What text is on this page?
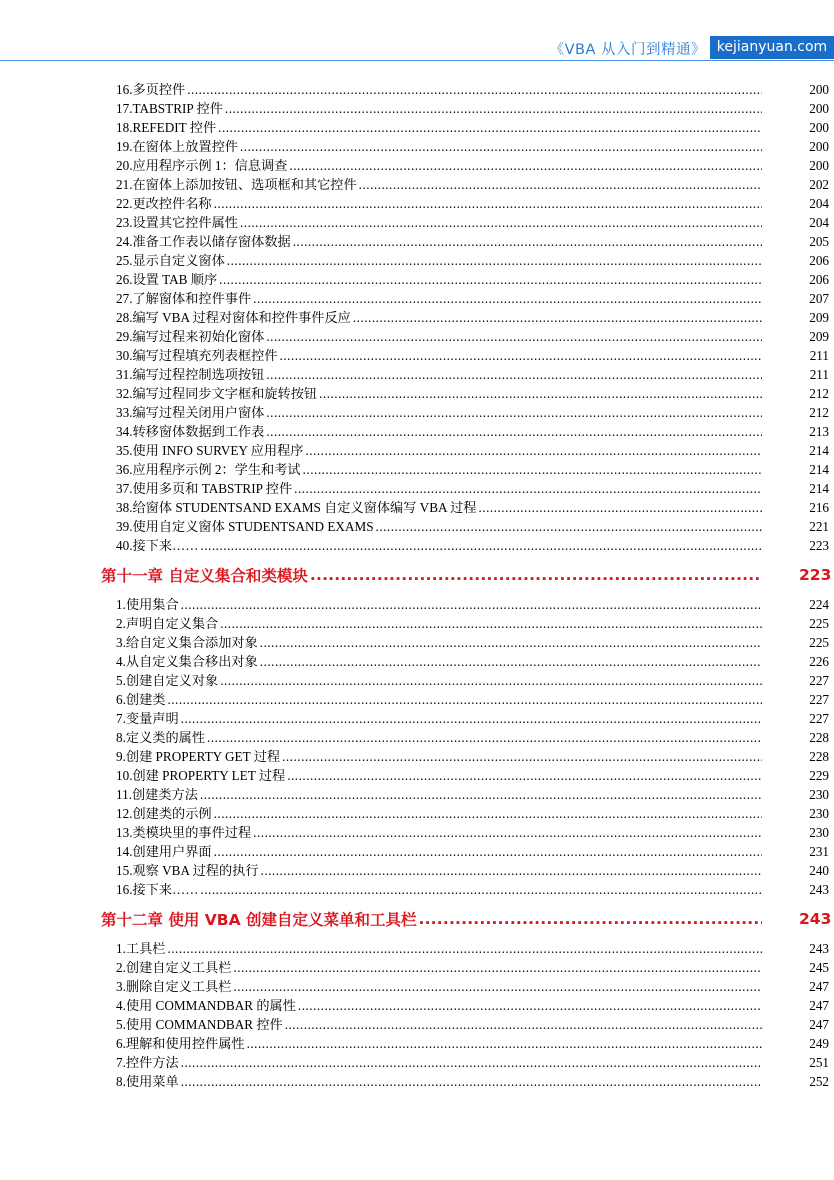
《VBA 从入门到精通》 kejianyuan.com
16.多页控件 .....	200
17.TABSTRIP 控件 .....	200
18.REFEDIT 控件 .....	200
19.在窗体上放置控件 .....	200
20.应用程序示例 1：信息调查 .....	200
21.在窗体上添加按钮、选项框和其它控件 .....	202
22.更改控件名称 .....	204
23.设置其它控件属性 .....	204
24.准备工作表以储存窗体数据 .....	205
25.显示自定义窗体 .....	206
26.设置 TAB 顺序 .....	206
27.了解窗体和控件事件 .....	207
28.编写 VBA 过程对窗体和控件事件反应 .....	209
29.编写过程来初始化窗体 .....	209
30.编写过程填充列表框控件 .....	211
31.编写过程控制选项按钮 .....	211
32.编写过程同步文字框和旋转按钮 .....	212
33.编写过程关闭用户窗体 .....	212
34.转移窗体数据到工作表 .....	213
35.使用 INFO SURVEY 应用程序 .....	214
36.应用程序示例 2：学生和考试 .....	214
37.使用多页和 TABSTRIP 控件 .....	214
38.给窗体 STUDENTSAND EXAMS 自定义窗体编写 VBA 过程 .....	216
39.使用自定义窗体 STUDENTSAND EXAMS .....	221
40.接下来…… .....	223
第十一章 自定义集合和类模块 .....	223
1.使用集合 .....	224
2.声明自定义集合 .....	225
3.给自定义集合添加对象 .....	225
4.从自定义集合移出对象 .....	226
5.创建自定义对象 .....	227
6.创建类 .....	227
7.变量声明 .....	227
8.定义类的属性 .....	228
9.创建 PROPERTY GET 过程 .....	228
10.创建 PROPERTY LET 过程 .....	229
11.创建类方法 .....	230
12.创建类的示例 .....	230
13.类模块里的事件过程 .....	230
14.创建用户界面 .....	231
15.观察 VBA 过程的执行 .....	240
16.接下来…… .....	243
第十二章 使用 VBA 创建自定义菜单和工具栏 .....	243
1.工具栏 .....	243
2.创建自定义工具栏 .....	245
3.删除自定义工具栏 .....	247
4.使用 COMMANDBAR 的属性 .....	247
5.使用 COMMANDBAR 控件 .....	247
6.理解和使用控件属性 .....	249
7.控件方法 .....	251
8.使用菜单 .....	252
